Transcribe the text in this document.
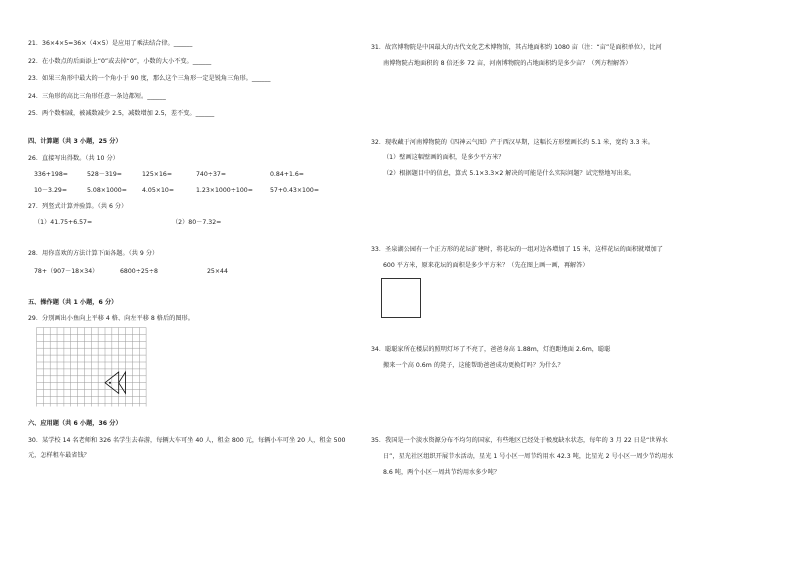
21．36×4×5=36×（4×5）是应用了乘法结合律。______
22．在小数点的后面添上“0”或去掉“0”，小数的大小不变。______
23．如果三角形中最大的一个角小于 90 度，那么这个三角形一定是锐角三角形。______
24．三角形的高比三角形任意一条边都短。______
25．两个数相减，被减数减少 2.5，减数增加 2.5，差不变。______
四、计算题（共 3 小题，25 分）
26．直接写出得数。（共 10 分）
336+198=	528－319=	125×16=	740÷37=	0.84+1.6=
10－3.29=	5.08×1000= 4.05×10=	1.23×1000÷100=	57+0.43×100=
27．列竖式计算并验算。（共 6 分）
（1）41.75+6.57=	（2）80－7.32=
28．用你喜欢的方法计算下面各题。（共 9 分）
78+（907－18×34）	6800÷25÷8	25×44
五、操作题（共 1 小题，6 分）
29．分别画出小鱼向上平移 4 格、向左平移 8 格后的图形。
六、应用题（共 6 小题，36 分）
30．某学校 14 名老师和 326 名学生去春游，每辆大车可坐 40 人，租金 800 元，每辆小车可坐 20 人，租金 500
元，怎样租车最省钱？
31．故宫博物院是中国最大的古代文化艺术博物馆，其占地面积约 1080 亩（注：“亩”是面积单位），比河
南博物院占地面积的 8 倍还多 72 亩，河南博物院的占地面积约是多少亩？（列方程解答）
32．现收藏于河南博物院的《四神云气图》产于西汉早期，这幅长方形壁画长约 5.1 米，宽约 3.3 米。
（1）壁画这幅壁画的面积，是多少平方米？
（2）根据题目中的信息，算式 5.1×3.3×2 解决的可能是什么实际问题？试完整地写出来。
33．圣泉湖公园有一个正方形的花坛扩建时，将花坛的一组对边各增加了 15 米，这样花坛的面积就增加了
600 平方米，原来花坛的面积是多少平方米？（先在图上画一画，再解答）
34．聪聪家所在楼层的照明灯坏了不亮了，爸爸身高 1.88m，灯泡距地面 2.6m，聪聪
搬来一个高 0.6m 的凳子，这能帮助爸爸成功更换灯吗？为什么？
35．我国是一个淡水资源分布不均匀的国家，有些地区已经处于极度缺水状态，每年的 3 月 22 日是“世界水
日”，星光社区组织开展节水活动，星光 1 号小区一周节约用水 42.3 吨，比星光 2 号小区一周少节约用水
8.6 吨，两个小区一周共节约用水多少吨？
